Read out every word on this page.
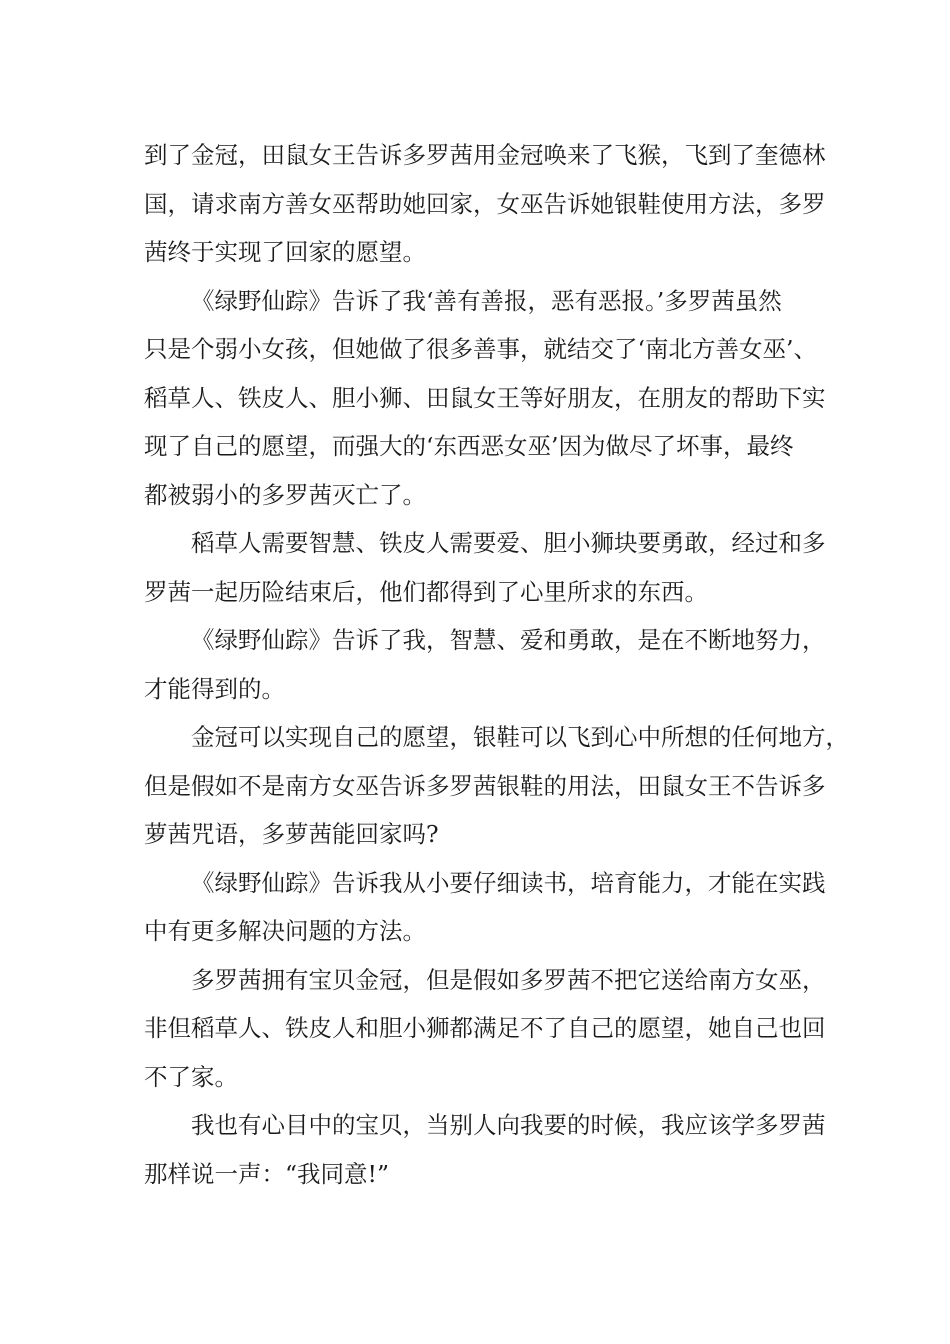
到了金冠，田鼠女王告诉多罗茜用金冠唤来了飞猴，飞到了奎德林
国，请求南方善女巫帮助她回家，女巫告诉她银鞋使用方法，多罗
茜终于实现了回家的愿望。

《绿野仙踪》告诉了我‘善有善报，恶有恶报。’多罗茜虽然
只是个弱小女孩，但她做了很多善事，就结交了‘南北方善女巫’、
稻草人、铁皮人、胆小狮、田鼠女王等好朋友，在朋友的帮助下实
现了自己的愿望，而强大的‘东西恶女巫’因为做尽了坏事，最终
都被弱小的多罗茜灭亡了。

稻草人需要智慧、铁皮人需要爱、胆小狮块要勇敢，经过和多
罗茜一起历险结束后，他们都得到了心里所求的东西。

《绿野仙踪》告诉了我，智慧、爱和勇敢，是在不断地努力，
才能得到的。

金冠可以实现自己的愿望，银鞋可以飞到心中所想的任何地方，
但是假如不是南方女巫告诉多罗茜银鞋的用法，田鼠女王不告诉多
萝茜咒语，多萝茜能回家吗?

《绿野仙踪》告诉我从小要仔细读书，培育能力，才能在实践
中有更多解决问题的方法。

多罗茜拥有宝贝金冠，但是假如多罗茜不把它送给南方女巫，
非但稻草人、铁皮人和胆小狮都满足不了自己的愿望，她自己也回
不了家。

我也有心目中的宝贝，当别人向我要的时候，我应该学多罗茜
那样说一声：“我同意!”
